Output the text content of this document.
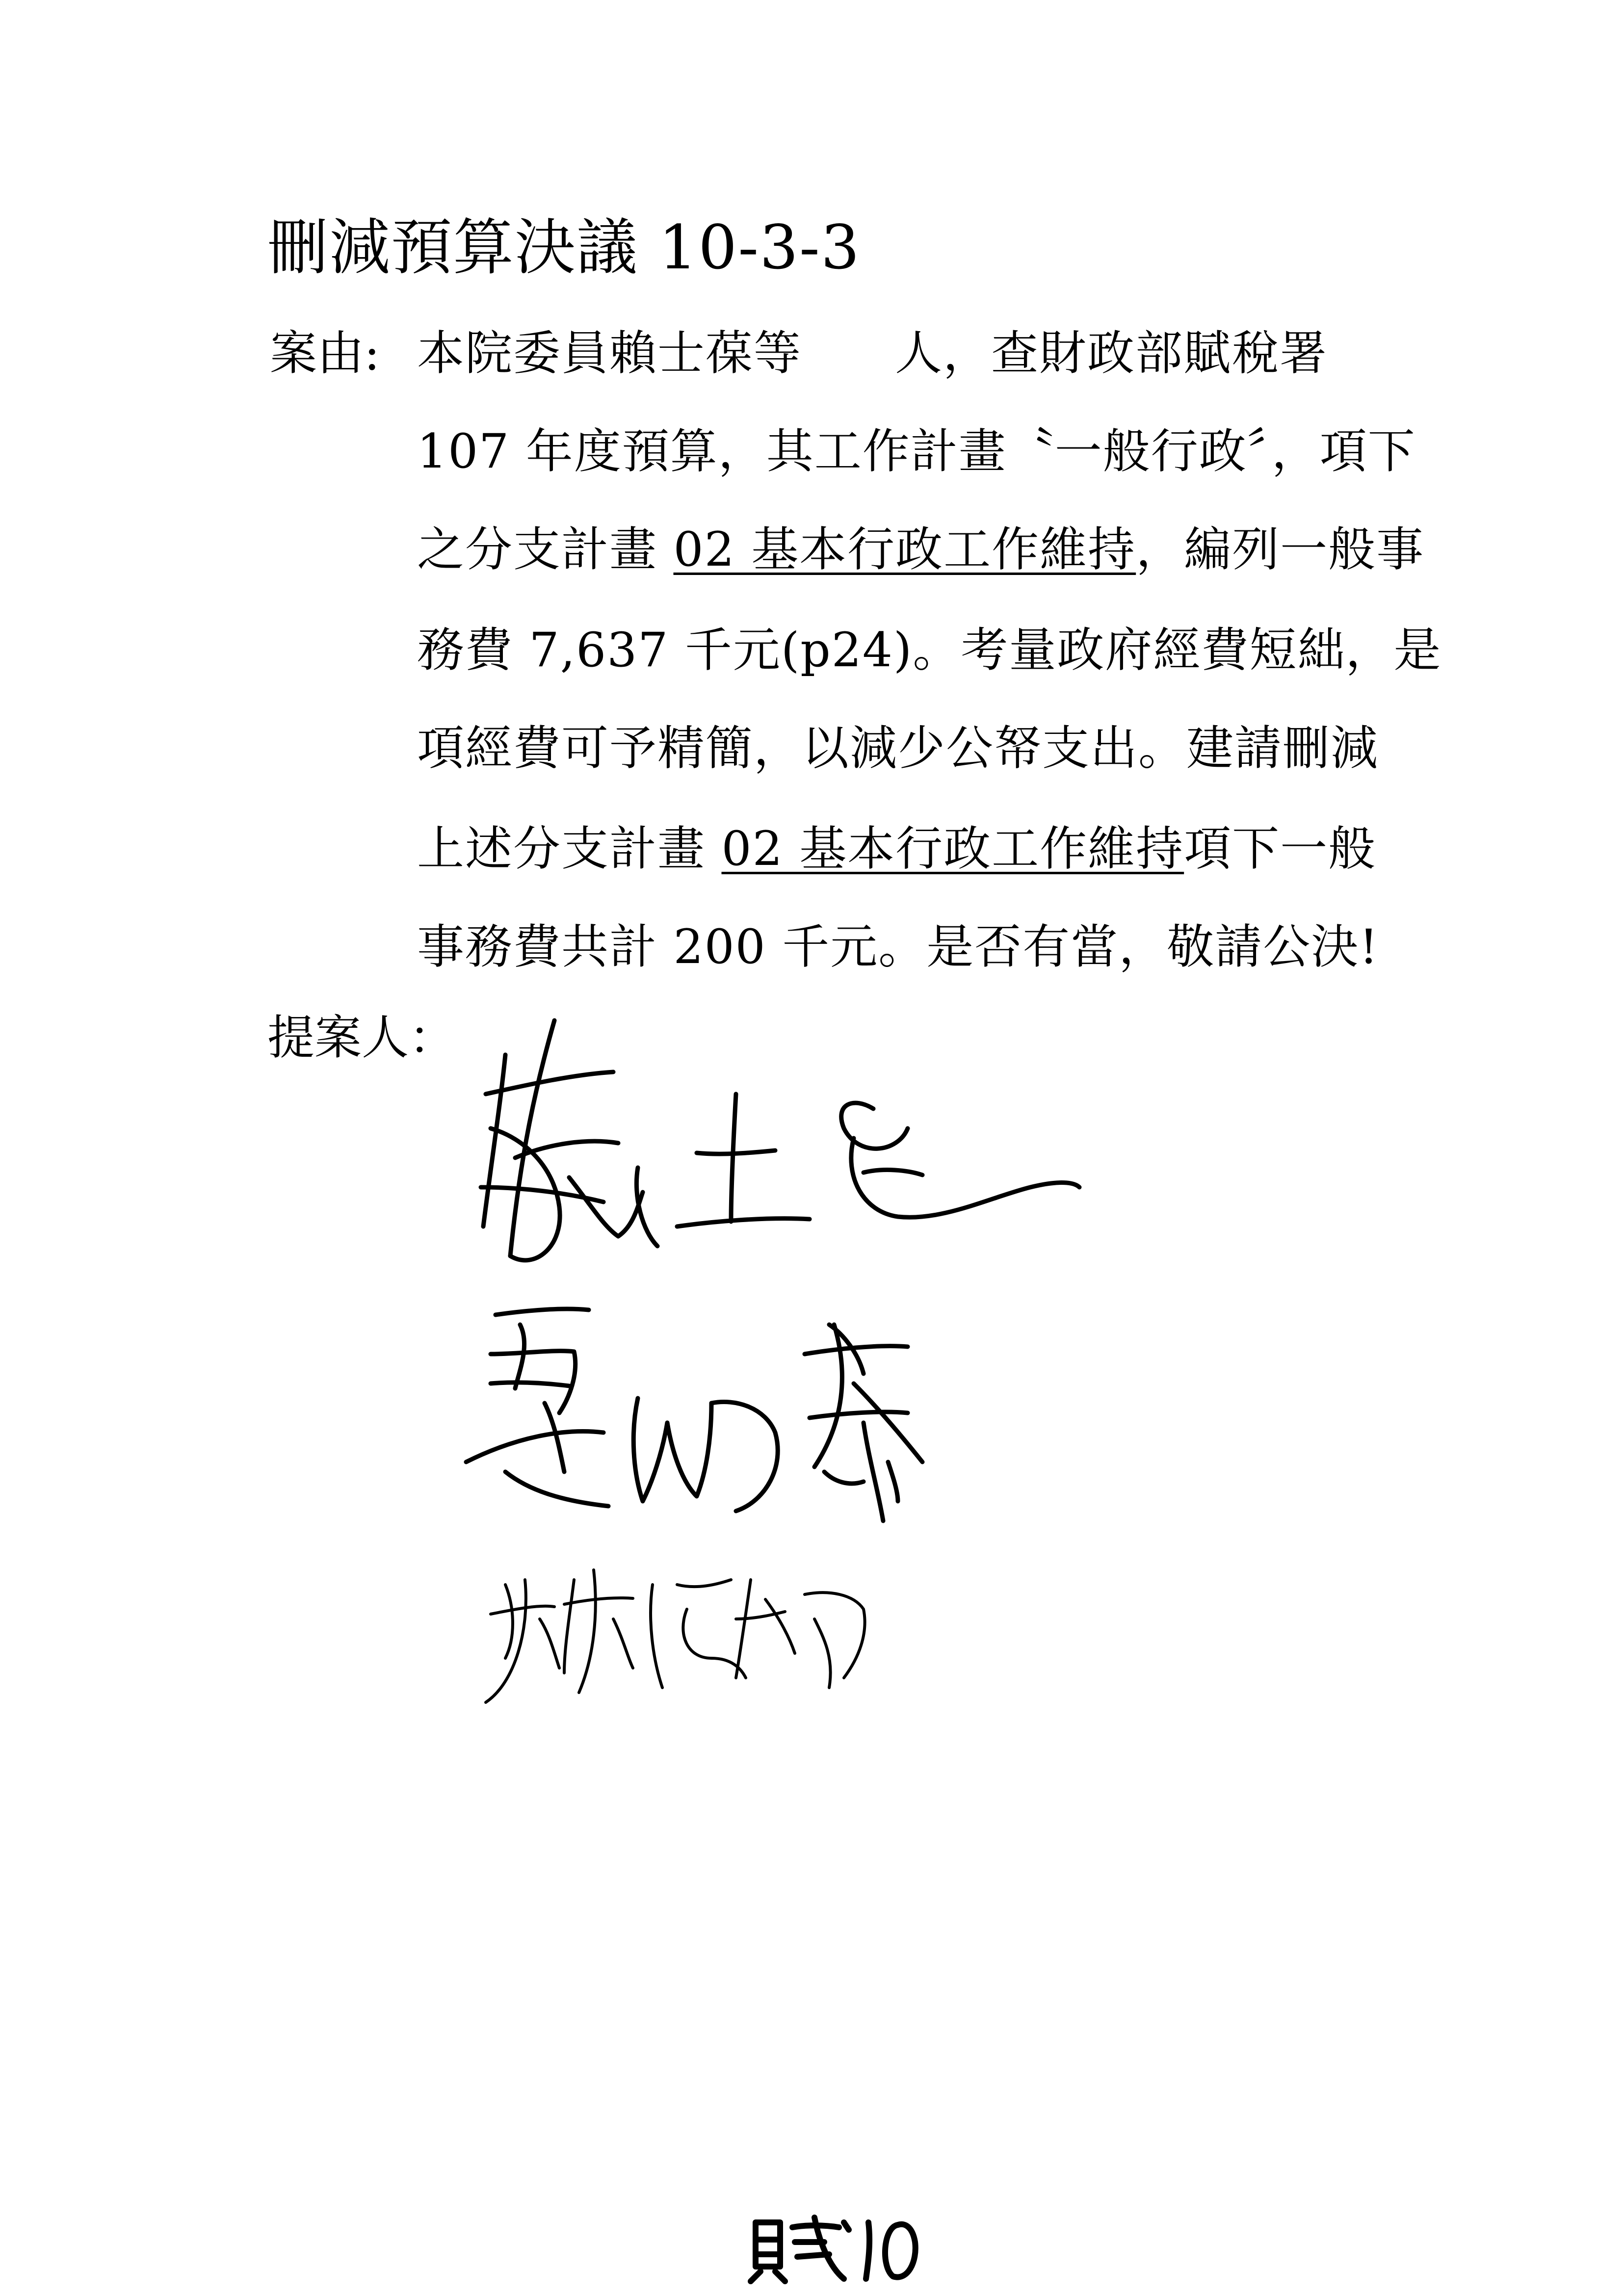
刪減預算決議 10-3-3
案由: 本院委員賴士葆等 人，查財政部賦稅署
107 年度預算，其工作計畫〝一般行政〞，項下
之分支計畫 02 基本行政工作維持，編列一般事
務費 7,637 千元(p24)。考量政府經費短絀，是
項經費可予精簡，以減少公帑支出。建請刪減
上述分支計畫 02 基本行政工作維持項下一般
事務費共計 200 千元。是否有當，敬請公決!
提案人：
